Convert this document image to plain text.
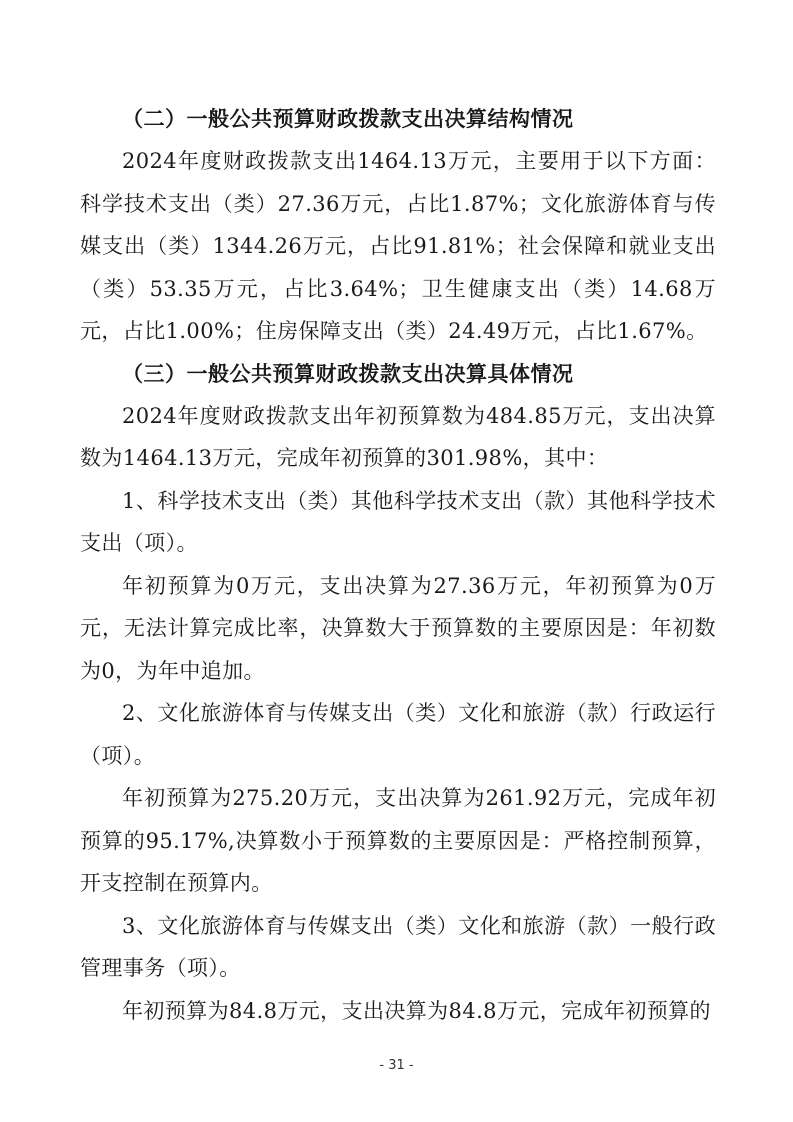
（二）一般公共预算财政拨款支出决算结构情况

2024年度财政拨款支出1464.13万元，主要用于以下方面：科学技术支出（类）27.36万元，占比1.87%；文化旅游体育与传媒支出（类）1344.26万元，占比91.81%；社会保障和就业支出（类）53.35万元，占比3.64%；卫生健康支出（类）14.68万元，占比1.00%；住房保障支出（类）24.49万元，占比1.67%。

（三）一般公共预算财政拨款支出决算具体情况

2024年度财政拨款支出年初预算数为484.85万元，支出决算数为1464.13万元，完成年初预算的301.98%，其中：

1、科学技术支出（类）其他科学技术支出（款）其他科学技术支出（项）。

年初预算为0万元，支出决算为27.36万元，年初预算为0万元，无法计算完成比率，决算数大于预算数的主要原因是：年初数为0，为年中追加。

2、文化旅游体育与传媒支出（类）文化和旅游（款）行政运行（项）。

年初预算为275.20万元，支出决算为261.92万元，完成年初预算的95.17%,决算数小于预算数的主要原因是：严格控制预算，开支控制在预算内。

3、文化旅游体育与传媒支出（类）文化和旅游（款）一般行政管理事务（项）。

年初预算为84.8万元，支出决算为84.8万元，完成年初预算的

- 31 -
